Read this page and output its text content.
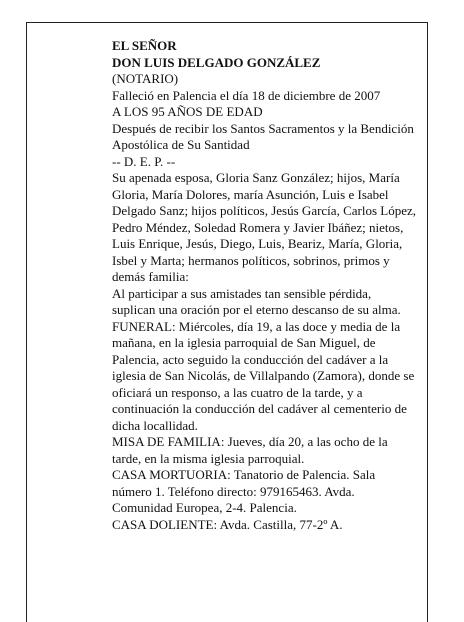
EL SEÑOR

DON LUIS DELGADO GONZÁLEZ

(NOTARIO)

Falleció en Palencia el día 18 de diciembre de 2007

A LOS 95 AÑOS DE EDAD

Después de recibir los Santos Sacramentos y la Bendición Apostólica de Su Santidad

-- D. E. P. --

Su apenada esposa, Gloria Sanz González; hijos, María Gloria, María Dolores, maría Asunción, Luis e Isabel Delgado Sanz; hijos políticos, Jesús García, Carlos López, Pedro Méndez, Soledad Romera y Javier Ibáñez; nietos, Luis Enrique, Jesús, Diego, Luis, Beariz, María, Gloria, Isbel y Marta; hermanos políticos, sobrinos, primos y demás familia:

Al participar a sus amistades tan sensible pérdida, suplican una oración por el eterno descanso de su alma.

FUNERAL: Miércoles, día 19, a las doce y media de la mañana, en la iglesia parroquial de San Miguel, de Palencia, acto seguido la conducción del cadáver a la iglesia de San Nicolás, de Villalpando (Zamora), donde se oficiará un responso, a las cuatro de la tarde, y a continuación la conducción del cadáver al cementerio de dicha locallidad.

MISA DE FAMILIA: Jueves, día 20, a las ocho de la tarde, en la misma iglesia parroquial.

CASA MORTUORIA: Tanatorio de Palencia. Sala número 1. Teléfono directo: 979165463. Avda. Comunidad Europea, 2-4. Palencia.

CASA DOLIENTE: Avda. Castilla, 77-2º A.
